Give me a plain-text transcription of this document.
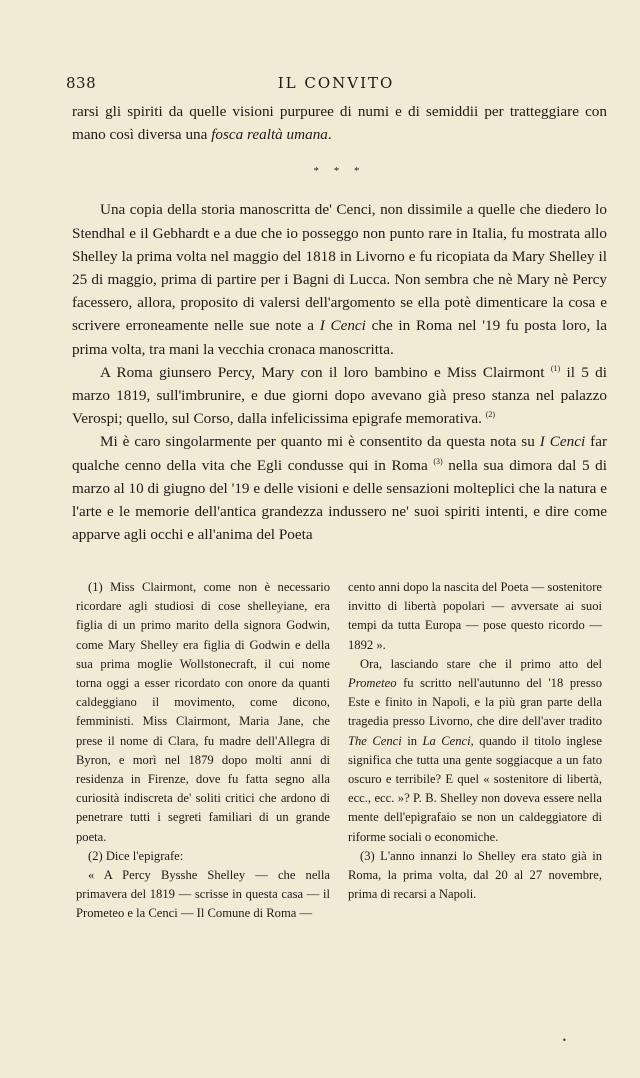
838	IL CONVITO

rarsi gli spiriti da quelle visioni purpuree di numi e di semiddii per tratteggiare con mano così diversa una fosca realtà umana.

* * *

Una copia della storia manoscritta de' Cenci, non dissimile a quelle che diedero lo Stendhal e il Gebhardt e a due che io posseggo non punto rare in Italia, fu mostrata allo Shelley la prima volta nel maggio del 1818 in Livorno e fu ricopiata da Mary Shelley il 25 di maggio, prima di partire per i Bagni di Lucca. Non sembra che nè Mary nè Percy facessero, allora, proposito di valersi dell'argomento se ella potè dimenticare la cosa e scrivere erroneamente nelle sue note a I Cenci che in Roma nel '19 fu posta loro, la prima volta, tra mani la vecchia cronaca manoscritta.

A Roma giunsero Percy, Mary con il loro bambino e Miss Clairmont $^{(1)}$ il 5 di marzo 1819, sull'imbrunire, e due giorni dopo avevano già preso stanza nel palazzo Verospi; quello, sul Corso, dalla infelicissima epigrafe memorativa. $^{(2)}$

Mi è caro singolarmente per quanto mi è consentito da questa nota su I Cenci far qualche cenno della vita che Egli condusse qui in Roma $^{(3)}$ nella sua dimora dal 5 di marzo al 10 di giugno del '19 e delle visioni e delle sensazioni molteplici che la natura e l'arte e le memorie dell'antica grandezza indussero ne' suoi spiriti intenti, e dire come apparve agli occhi e all'anima del Poeta

(1) Miss Clairmont, come non è necessario ricordare agli studiosi di cose shelleyiane, era figlia di un primo marito della signora Godwin, come Mary Shelley era figlia di Godwin e della sua prima moglie Wollstonecraft, il cui nome torna oggi a esser ricordato con onore da quanti caldeggiano il movimento, come dicono, femministi. Miss Clairmont, Maria Jane, che prese il nome di Clara, fu madre dell'Allegra di Byron, e morì nel 1879 dopo molti anni di residenza in Firenze, dove fu fatta segno alla curiosità indiscreta de' soliti critici che ardono di penetrare tutti i segreti familiari di un grande poeta.

(2) Dice l'epigrafe:

« A Percy Bysshe Shelley — che nella primavera del 1819 — scrisse in questa casa — il Prometeo e la Cenci — Il Comune di Roma —

cento anni dopo la nascita del Poeta — sostenitore invitto di libertà popolari — avversate ai suoi tempi da tutta Europa — pose questo ricordo — 1892 ».

Ora, lasciando stare che il primo atto del Prometeo fu scritto nell'autunno del '18 presso Este e finito in Napoli, e la più gran parte della tragedia presso Livorno, che dire dell'aver tradito The Cenci in La Cenci, quando il titolo inglese significa che tutta una gente soggiacque a un fato oscuro e terribile? E quel « sostenitore di libertà, ecc., ecc. »? P. B. Shelley non doveva essere nella mente dell'epigrafaio se non un caldeggiatore di riforme sociali o economiche.

(3) L'anno innanzi lo Shelley era stato già in Roma, la prima volta, dal 20 al 27 novembre, prima di recarsi a Napoli.

•
